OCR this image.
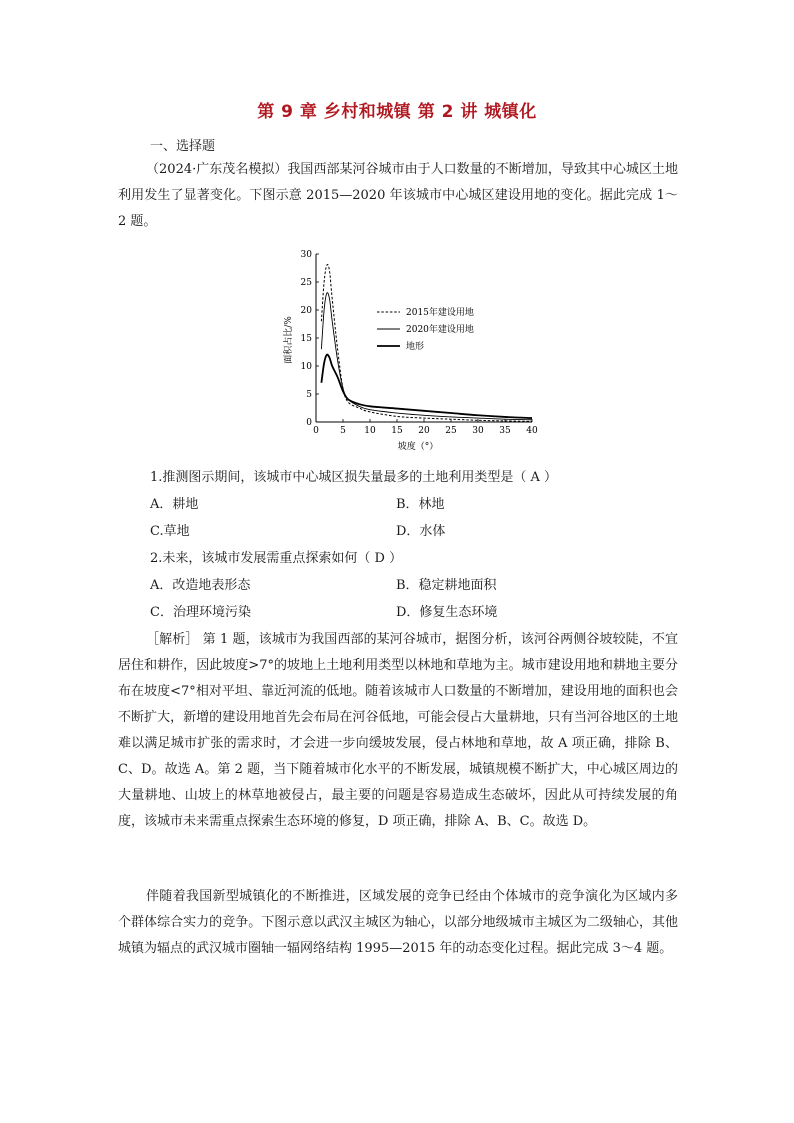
第 9 章 乡村和城镇 第 2 讲 城镇化
一、选择题
（2024·广东茂名模拟）我国西部某河谷城市由于人口数量的不断增加，导致其中心城区土地利用发生了显著变化。下图示意 2015—2020 年该城市中心城区建设用地的变化。据此完成 1～2 题。
0 5 10 15 20 25 30 35 40
0
5
10
15
20
25
30
2015年建设用地
2020年建设用地
地形
坡度（°）
面积占比/%
1.推测图示期间，该城市中心城区损失量最多的土地利用类型是（ A ）
A．耕地	B．林地
C.草地	D．水体
2.未来，该城市发展需重点探索如何（ D ）
A．改造地表形态	B．稳定耕地面积
C．治理环境污染	D．修复生态环境
［解析］ 第 1 题，该城市为我国西部的某河谷城市，据图分析，该河谷两侧谷坡较陡，不宜居住和耕作，因此坡度>7°的坡地上土地利用类型以林地和草地为主。城市建设用地和耕地主要分布在坡度<7°相对平坦、靠近河流的低地。随着该城市人口数量的不断增加，建设用地的面积也会不断扩大，新增的建设用地首先会布局在河谷低地，可能会侵占大量耕地，只有当河谷地区的土地难以满足城市扩张的需求时，才会进一步向缓坡发展，侵占林地和草地，故 A 项正确，排除 B、C、D。故选 A。第 2 题，当下随着城市化水平的不断发展，城镇规模不断扩大，中心城区周边的大量耕地、山坡上的林草地被侵占，最主要的问题是容易造成生态破坏，因此从可持续发展的角度，该城市未来需重点探索生态环境的修复，D 项正确，排除 A、B、C。故选 D。
伴随着我国新型城镇化的不断推进，区域发展的竞争已经由个体城市的竞争演化为区域内多个群体综合实力的竞争。下图示意以武汉主城区为轴心，以部分地级城市主城区为二级轴心，其他城镇为辐点的武汉城市圈轴一辐网络结构 1995—2015 年的动态变化过程。据此完成 3～4 题。
